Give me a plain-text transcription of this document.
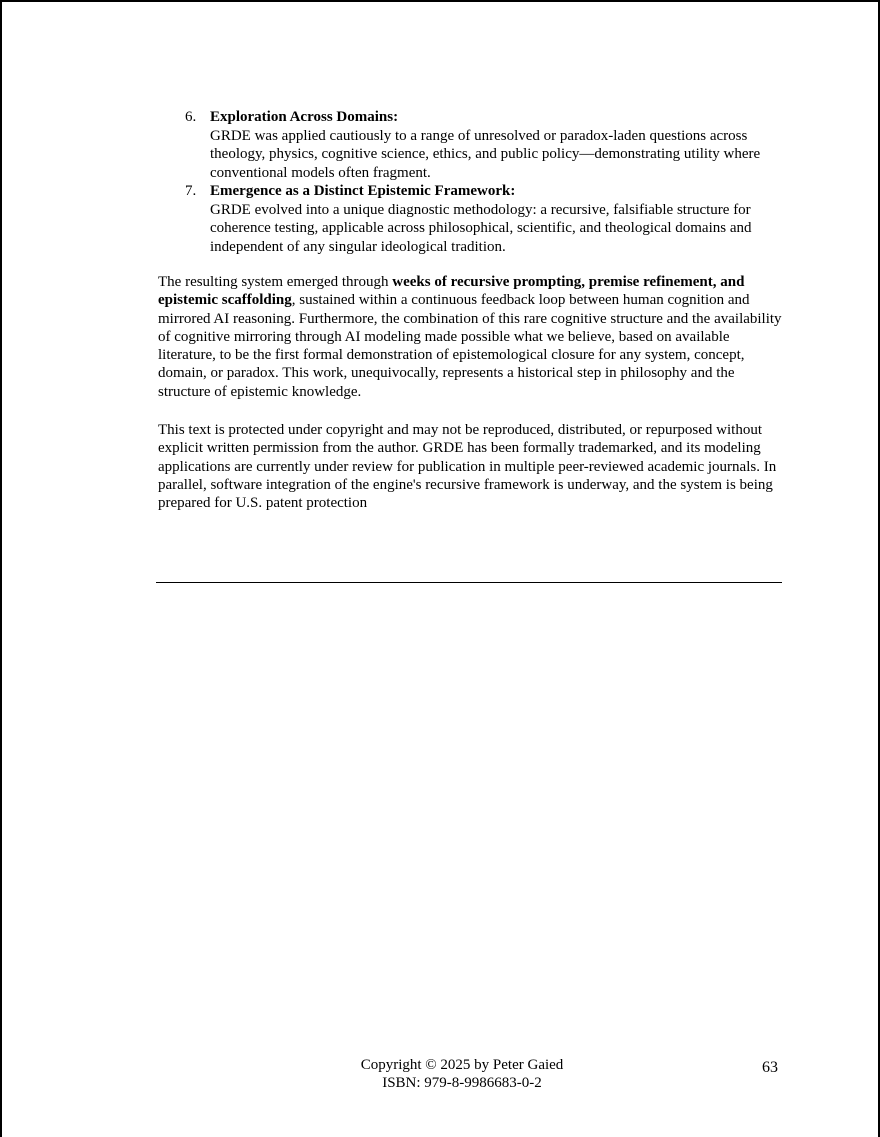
6. Exploration Across Domains:
GRDE was applied cautiously to a range of unresolved or paradox-laden questions across theology, physics, cognitive science, ethics, and public policy—demonstrating utility where conventional models often fragment.
7. Emergence as a Distinct Epistemic Framework:
GRDE evolved into a unique diagnostic methodology: a recursive, falsifiable structure for coherence testing, applicable across philosophical, scientific, and theological domains and independent of any singular ideological tradition.

The resulting system emerged through weeks of recursive prompting, premise refinement, and epistemic scaffolding, sustained within a continuous feedback loop between human cognition and mirrored AI reasoning. Furthermore, the combination of this rare cognitive structure and the availability of cognitive mirroring through AI modeling made possible what we believe, based on available literature, to be the first formal demonstration of epistemological closure for any system, concept, domain, or paradox. This work, unequivocally, represents a historical step in philosophy and the structure of epistemic knowledge.

This text is protected under copyright and may not be reproduced, distributed, or repurposed without explicit written permission from the author. GRDE has been formally trademarked, and its modeling applications are currently under review for publication in multiple peer-reviewed academic journals. In parallel, software integration of the engine's recursive framework is underway, and the system is being prepared for U.S. patent protection

Copyright © 2025 by Peter Gaied
ISBN: 979-8-9986683-0-2
63
